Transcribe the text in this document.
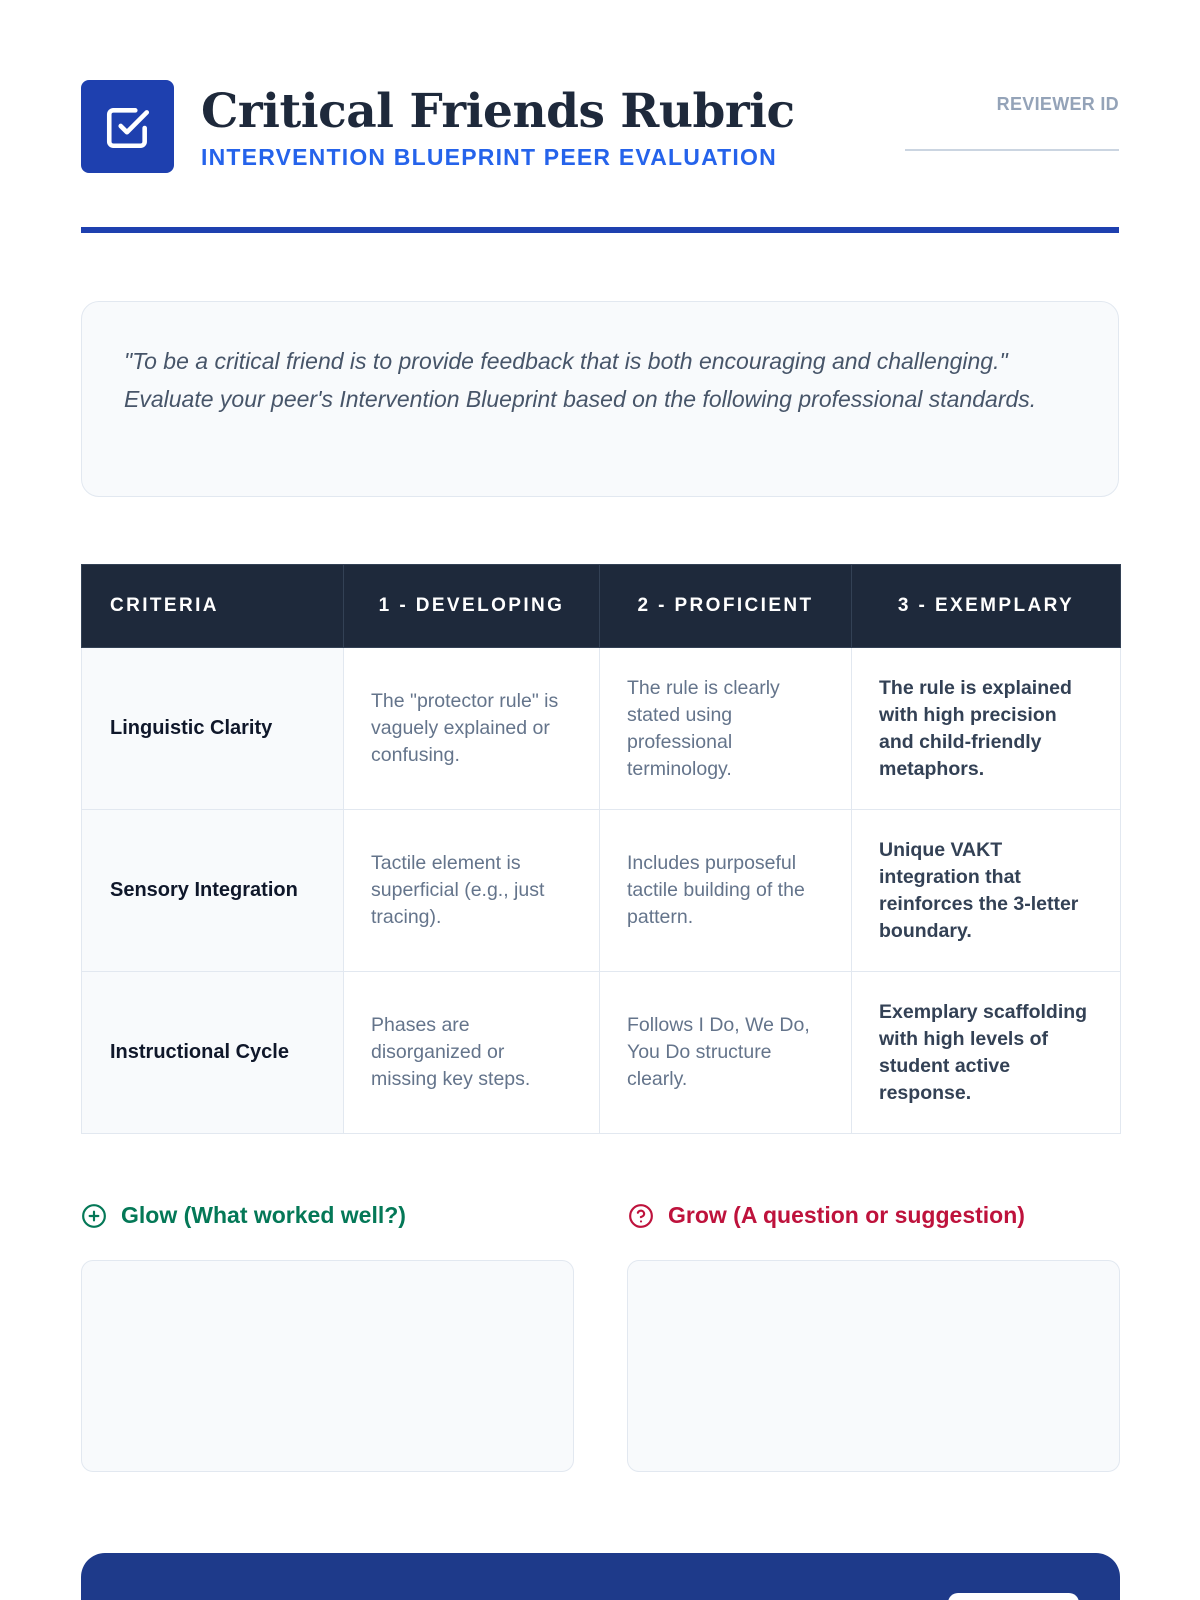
Critical Friends Rubric
INTERVENTION BLUEPRINT PEER EVALUATION
REVIEWER ID

"To be a critical friend is to provide feedback that is both encouraging and challenging." Evaluate your peer's Intervention Blueprint based on the following professional standards.

CRITERIA	1 - DEVELOPING	2 - PROFICIENT	3 - EXEMPLARY
Linguistic Clarity	The "protector rule" is vaguely explained or confusing.	The rule is clearly stated using professional terminology.	The rule is explained with high precision and child-friendly metaphors.
Sensory Integration	Tactile element is superficial (e.g., just tracing).	Includes purposeful tactile building of the pattern.	Unique VAKT integration that reinforces the 3-letter boundary.
Instructional Cycle	Phases are disorganized or missing key steps.	Follows I Do, We Do, You Do structure clearly.	Exemplary scaffolding with high levels of student active response.
Glow (What worked well?)	Grow (A question or suggestion)
